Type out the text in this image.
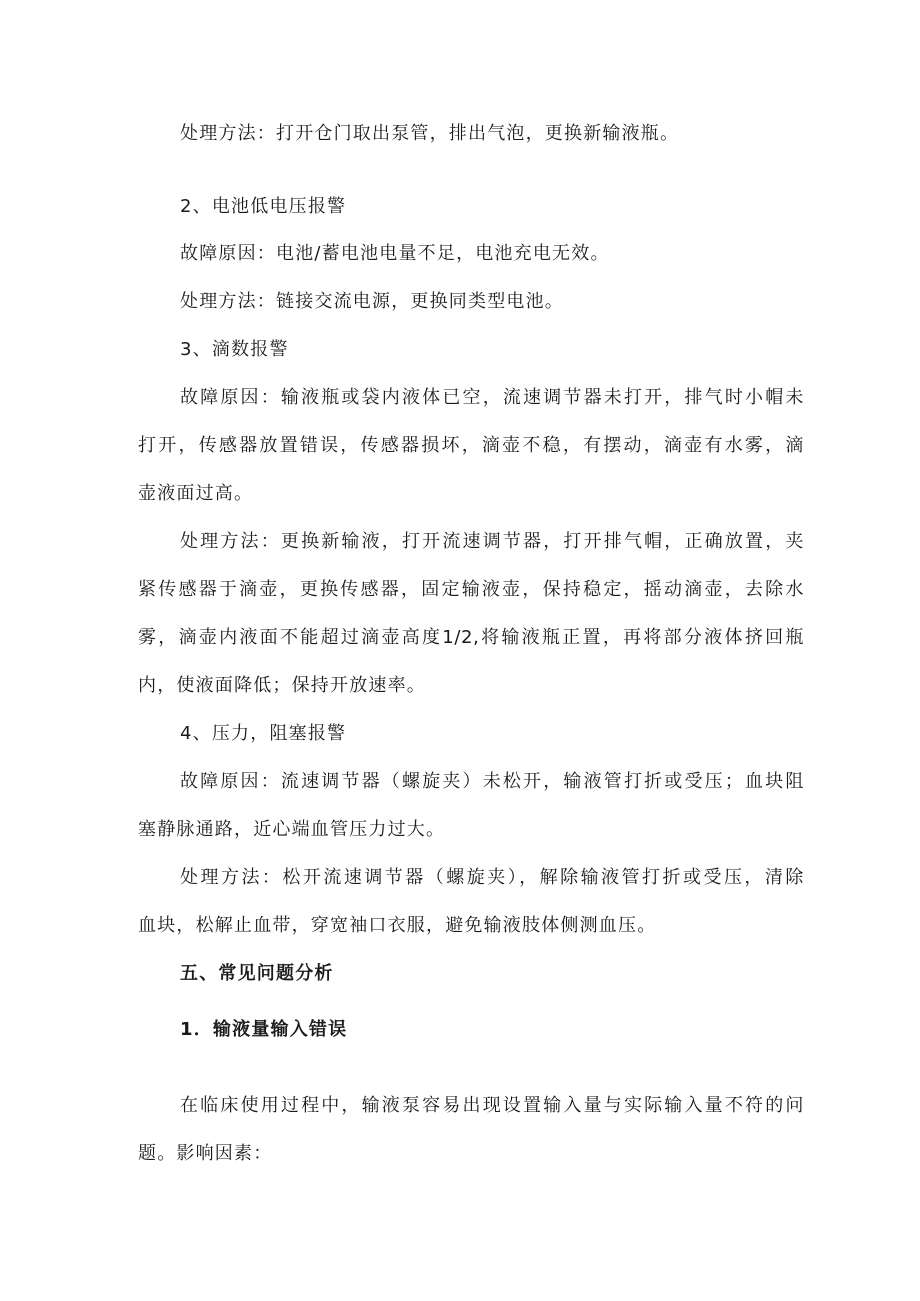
处理方法：打开仓门取出泵管，排出气泡，更换新输液瓶。
2、电池低电压报警
故障原因：电池/蓄电池电量不足，电池充电无效。
处理方法：链接交流电源，更换同类型电池。
3、滴数报警
故障原因：输液瓶或袋内液体已空，流速调节器未打开，排气时小帽未
打开，传感器放置错误，传感器损坏，滴壶不稳，有摆动，滴壶有水雾，滴
壶液面过高。
处理方法：更换新输液，打开流速调节器，打开排气帽，正确放置，夹
紧传感器于滴壶，更换传感器，固定输液壶，保持稳定，摇动滴壶，去除水
雾，滴壶内液面不能超过滴壶高度1/2,将输液瓶正置，再将部分液体挤回瓶
内，使液面降低；保持开放速率。
4、压力，阻塞报警
故障原因：流速调节器（螺旋夹）未松开，输液管打折或受压；血块阻
塞静脉通路，近心端血管压力过大。
处理方法：松开流速调节器（螺旋夹），解除输液管打折或受压，清除
血块，松解止血带，穿宽袖口衣服，避免输液肢体侧测血压。
五、常见问题分析
1．输液量输入错误
在临床使用过程中，输液泵容易出现设置输入量与实际输入量不符的问
题。影响因素：
